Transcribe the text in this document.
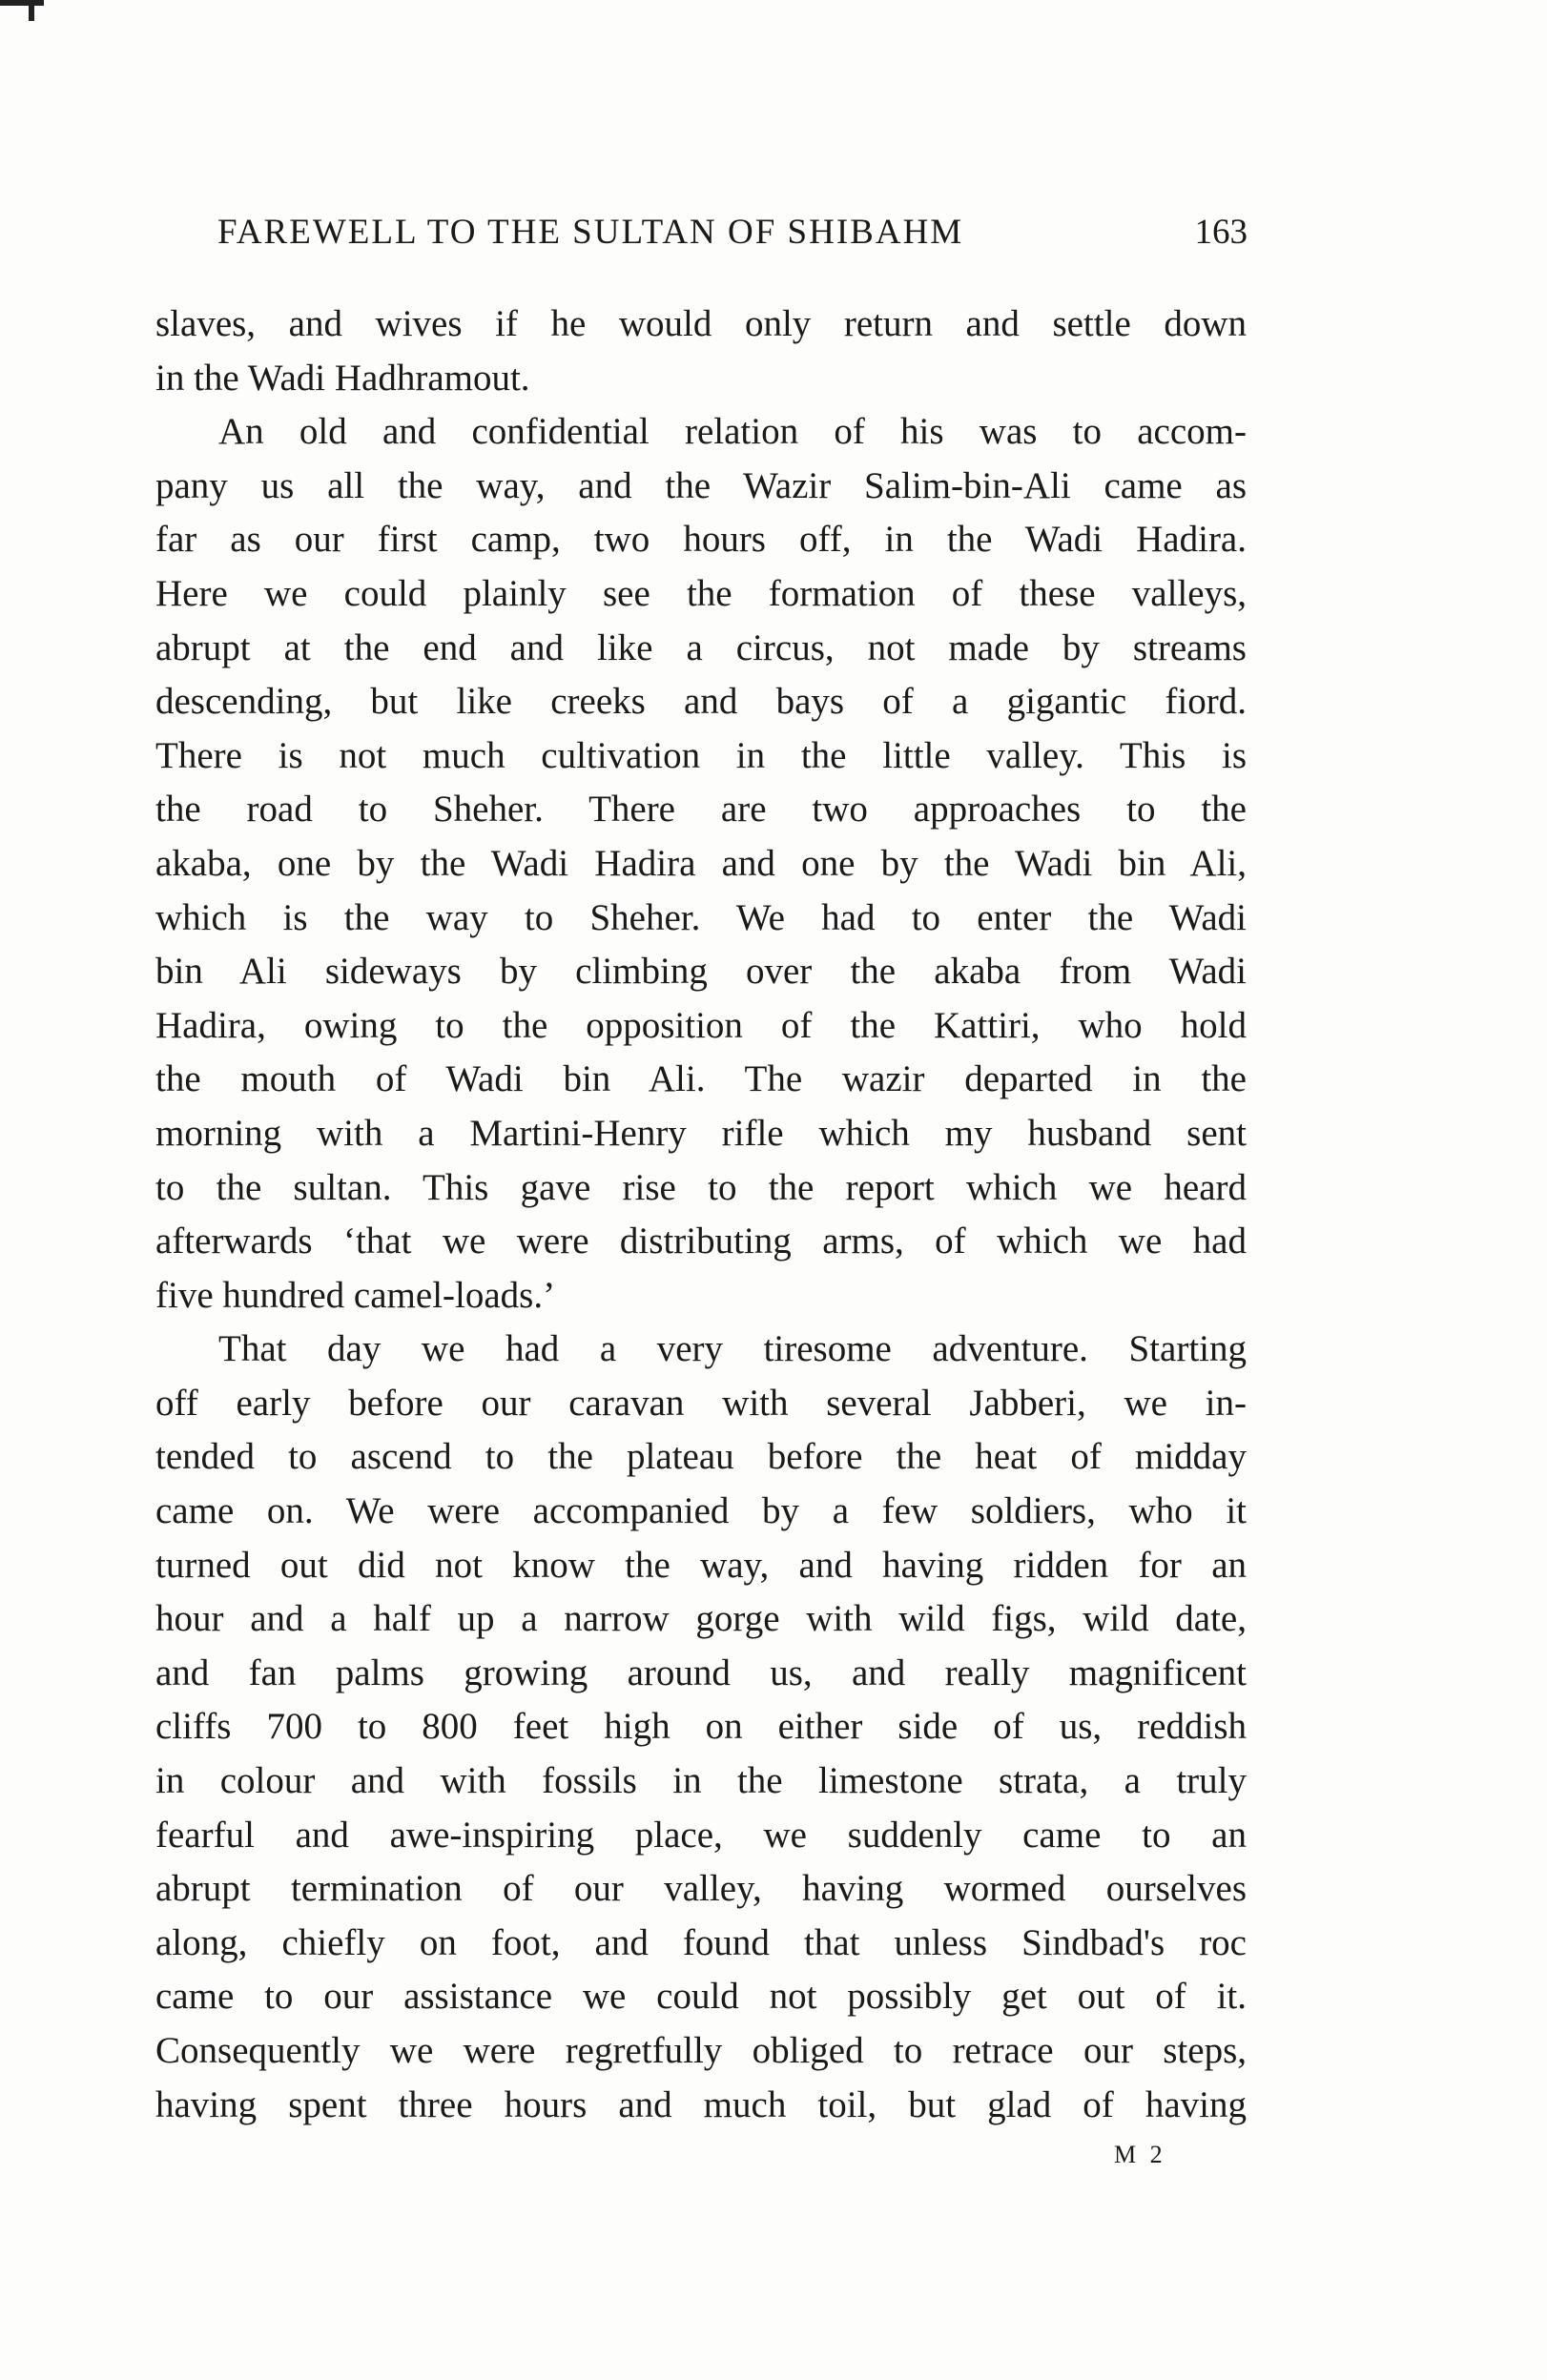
FAREWELL TO THE SULTAN OF SHIBAHM	163
slaves, and wives if he would only return and settle down
in the Wadi Hadhramout.
An old and confidential relation of his was to accom-
pany us all the way, and the Wazir Salim-bin-Ali came as
far as our first camp, two hours off, in the Wadi Hadira.
Here we could plainly see the formation of these valleys,
abrupt at the end and like a circus, not made by streams
descending, but like creeks and bays of a gigantic fiord.
There is not much cultivation in the little valley. This is
the road to Sheher. There are two approaches to the
akaba, one by the Wadi Hadira and one by the Wadi bin Ali,
which is the way to Sheher. We had to enter the Wadi
bin Ali sideways by climbing over the akaba from Wadi
Hadira, owing to the opposition of the Kattiri, who hold
the mouth of Wadi bin Ali. The wazir departed in the
morning with a Martini-Henry rifle which my husband sent
to the sultan. This gave rise to the report which we heard
afterwards ‘that we were distributing arms, of which we had
five hundred camel-loads.’
That day we had a very tiresome adventure. Starting
off early before our caravan with several Jabberi, we in-
tended to ascend to the plateau before the heat of midday
came on. We were accompanied by a few soldiers, who it
turned out did not know the way, and having ridden for an
hour and a half up a narrow gorge with wild figs, wild date,
and fan palms growing around us, and really magnificent
cliffs 700 to 800 feet high on either side of us, reddish
in colour and with fossils in the limestone strata, a truly
fearful and awe-inspiring place, we suddenly came to an
abrupt termination of our valley, having wormed ourselves
along, chiefly on foot, and found that unless Sindbad's roc
came to our assistance we could not possibly get out of it.
Consequently we were regretfully obliged to retrace our steps,
having spent three hours and much toil, but glad of having
M 2
